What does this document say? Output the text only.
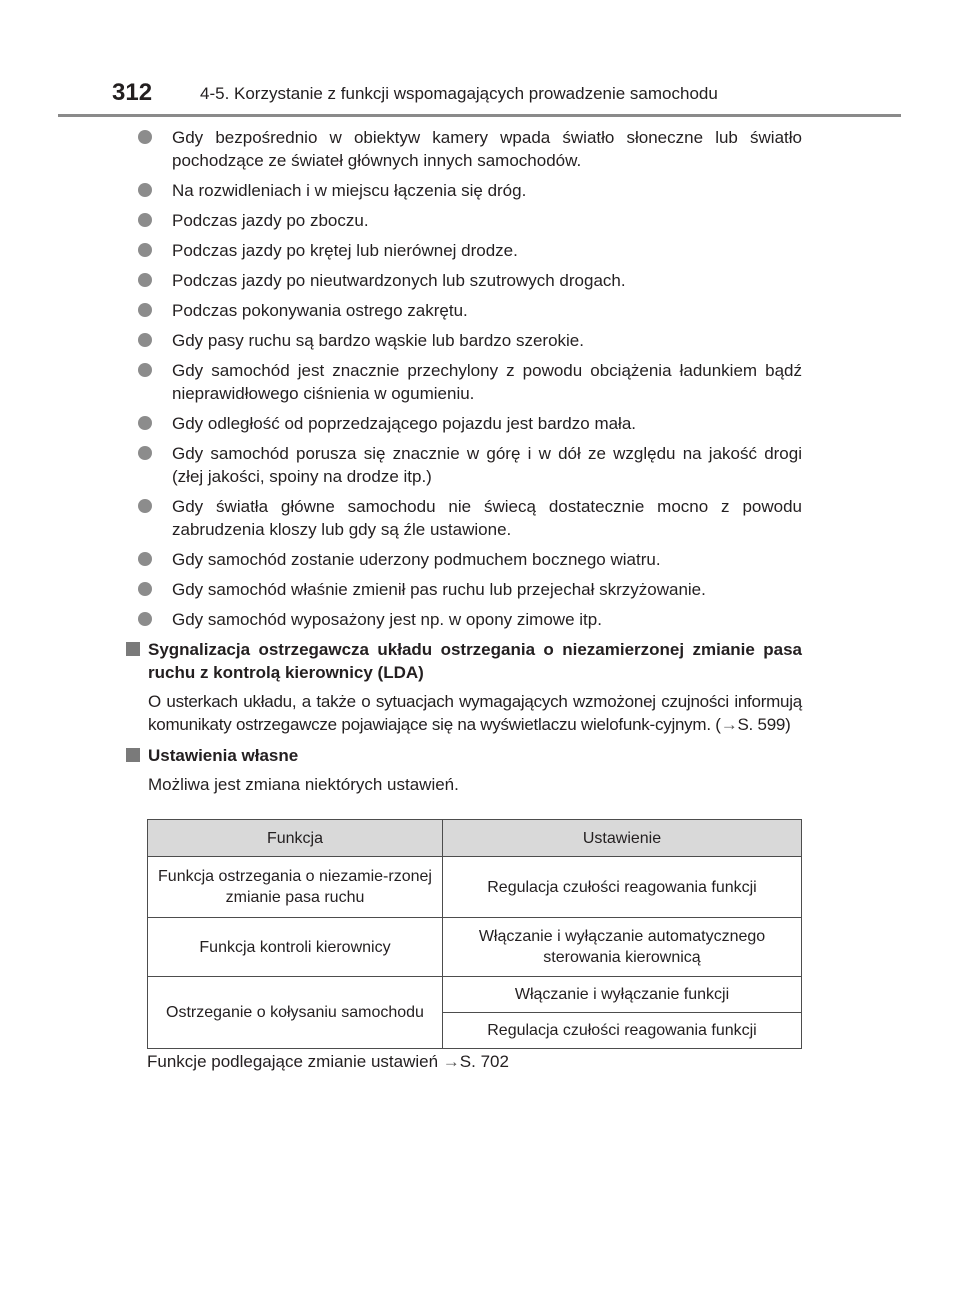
312	4-5. Korzystanie z funkcji wspomagających prowadzenie samochodu
Gdy bezpośrednio w obiektyw kamery wpada światło słoneczne lub światło pochodzące ze świateł głównych innych samochodów.
Na rozwidleniach i w miejscu łączenia się dróg.
Podczas jazdy po zboczu.
Podczas jazdy po krętej lub nierównej drodze.
Podczas jazdy po nieutwardzonych lub szutrowych drogach.
Podczas pokonywania ostrego zakrętu.
Gdy pasy ruchu są bardzo wąskie lub bardzo szerokie.
Gdy samochód jest znacznie przechylony z powodu obciążenia ładunkiem bądź nieprawidłowego ciśnienia w ogumieniu.
Gdy odległość od poprzedzającego pojazdu jest bardzo mała.
Gdy samochód porusza się znacznie w górę i w dół ze względu na jakość drogi (złej jakości, spoiny na drodze itp.)
Gdy światła główne samochodu nie świecą dostatecznie mocno z powodu zabrudzenia kloszy lub gdy są źle ustawione.
Gdy samochód zostanie uderzony podmuchem bocznego wiatru.
Gdy samochód właśnie zmienił pas ruchu lub przejechał skrzyżowanie.
Gdy samochód wyposażony jest np. w opony zimowe itp.
Sygnalizacja ostrzegawcza układu ostrzegania o niezamierzonej zmianie pasa ruchu z kontrolą kierownicy (LDA)
O usterkach układu, a także o sytuacjach wymagających wzmożonej czujności informują komunikaty ostrzegawcze pojawiające się na wyświetlaczu wielofunk-cyjnym. (→S. 599)
Ustawienia własne
Możliwa jest zmiana niektórych ustawień.
Funkcja	Ustawienie
Funkcja ostrzegania o niezamie-rzonej zmianie pasa ruchu	Regulacja czułości reagowania funkcji
Funkcja kontroli kierownicy	Włączanie i wyłączanie automatycznego sterowania kierownicą
Ostrzeganie o kołysaniu samochodu	Włączanie i wyłączanie funkcji
	Regulacja czułości reagowania funkcji
Funkcje podlegające zmianie ustawień →S. 702
